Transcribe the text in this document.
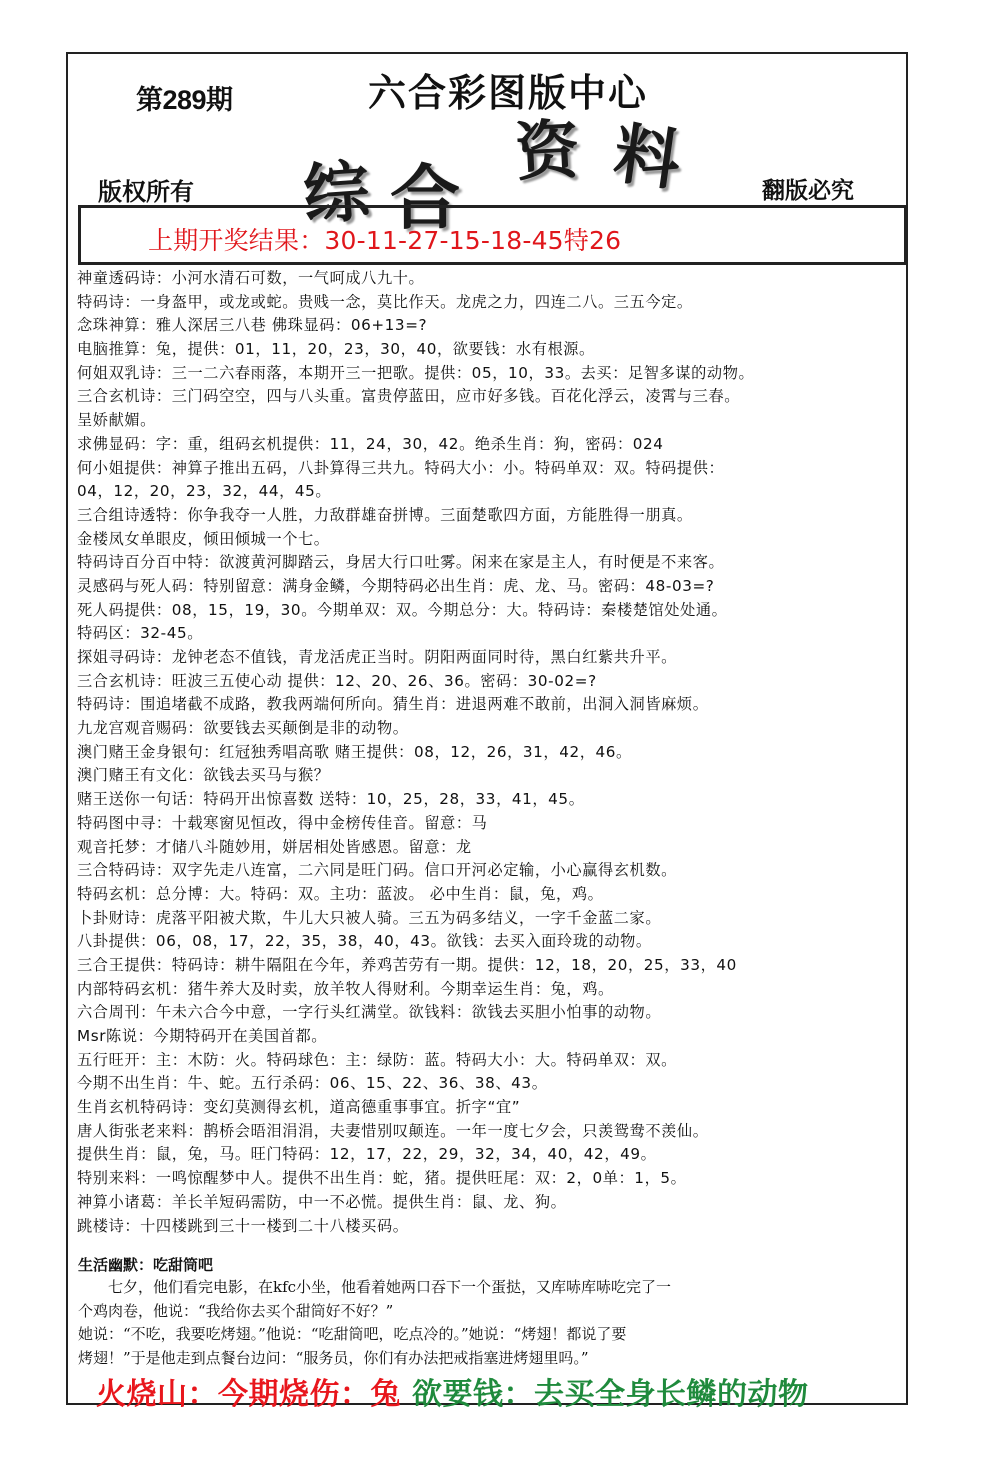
第289期	六合彩图版中心
综 合
资 料
版权所有	翻版必究
上期开奖结果：30-11-27-15-18-45特26
神童透码诗：小河水清石可数，一气呵成八九十。
特码诗：一身盔甲，或龙或蛇。贵贱一念，莫比作天。龙虎之力，四连二八。三五今定。
念珠神算：雅人深居三八巷 佛珠显码：06+13=?
电脑推算：兔，提供：01，11，20，23，30，40，欲要钱：水有根源。
何姐双乳诗：三一二六春雨落，本期开三一把歌。提供：05，10，33。去买：足智多谋的动物。
三合玄机诗：三门码空空，四与八头重。富贵停蓝田，应市好多钱。百花化浮云，凌霄与三春。
呈娇献媚。
求佛显码：字：重，组码玄机提供：11，24，30，42。绝杀生肖：狗，密码：024
何小姐提供：神算子推出五码，八卦算得三共九。特码大小：小。特码单双：双。特码提供：
04，12，20，23，32，44，45。
三合组诗透特：你争我夺一人胜，力敌群雄奋拼博。三面楚歌四方面，方能胜得一朋真。
金楼凤女单眼皮，倾田倾城一个七。
特码诗百分百中特：欲渡黄河脚踏云，身居大行口吐雾。闲来在家是主人，有时便是不来客。
灵感码与死人码：特别留意：满身金鳞，今期特码必出生肖：虎、龙、马。密码：48-03=?
死人码提供：08，15，19，30。今期单双：双。今期总分：大。特码诗：秦楼楚馆处处通。
特码区：32-45。
探姐寻码诗：龙钟老态不值钱，青龙活虎正当时。阴阳两面同时待，黑白红紫共升平。
三合玄机诗：旺波三五使心动 提供：12、20、26、36。密码：30-02=?
特码诗：围追堵截不成路，教我两端何所向。猜生肖：进退两难不敢前，出洞入洞皆麻烦。
九龙宫观音赐码：欲要钱去买颠倒是非的动物。
澳门赌王金身银句：红冠独秀唱高歌 赌王提供：08，12，26，31，42，46。
澳门赌王有文化：欲钱去买马与猴？
赌王送你一句话：特码开出惊喜数 送特：10，25，28，33，41，45。
特码图中寻：十载寒窗见恒改，得中金榜传佳音。留意：马
观音托梦：才储八斗随妙用，姘居相处皆感恩。留意：龙
三合特码诗：双字先走八连富，二六同是旺门码。信口开河必定输，小心赢得玄机数。
特码玄机：总分博：大。特码：双。主功：蓝波。 必中生肖：鼠，兔，鸡。
卜卦财诗：虎落平阳被犬欺，牛儿大只被人骑。三五为码多结义，一字千金蓝二家。
八卦提供：06，08，17，22，35，38，40，43。欲钱：去买入面玲珑的动物。
三合王提供：特码诗：耕牛隔阻在今年，养鸡苦劳有一期。提供：12，18，20，25，33，40
内部特码玄机：猪牛养大及时卖，放羊牧人得财利。今期幸运生肖：兔，鸡。
六合周刊：午未六合今中意，一字行头红满堂。欲钱料：欲钱去买胆小怕事的动物。
Msr陈说：今期特码开在美国首都。
五行旺开：主：木防：火。特码球色：主：绿防：蓝。特码大小：大。特码单双：双。
今期不出生肖：牛、蛇。五行杀码：06、15、22、36、38、43。
生肖玄机特码诗：变幻莫测得玄机，道高德重事事宜。折字“宜”
唐人街张老来料：鹊桥会晤泪涓涓，夫妻惜别叹颠连。一年一度七夕会，只羡鸳鸯不羡仙。
提供生肖：鼠，兔，马。旺门特码：12，17，22，29，32，34，40，42，49。
特别来料：一鸣惊醒梦中人。提供不出生肖：蛇，猪。提供旺尾：双：2，0单：1，5。
神算小诸葛：羊长羊短码需防，中一不必慌。提供生肖：鼠、龙、狗。
跳楼诗：十四楼跳到三十一楼到二十八楼买码。
生活幽默：吃甜筒吧

　　七夕，他们看完电影，在kfc小坐，他看着她两口吞下一个蛋挞，又库哧库哧吃完了一

个鸡肉卷，他说：“我给你去买个甜筒好不好？”

她说：“不吃，我要吃烤翅。”他说：“吃甜筒吧，吃点冷的。”她说：“烤翅！都说了要

烤翅！”于是他走到点餐台边问：“服务员，你们有办法把戒指塞进烤翅里吗。”

火烧山：今期烧伤：兔 欲要钱：去买全身长鳞的动物
